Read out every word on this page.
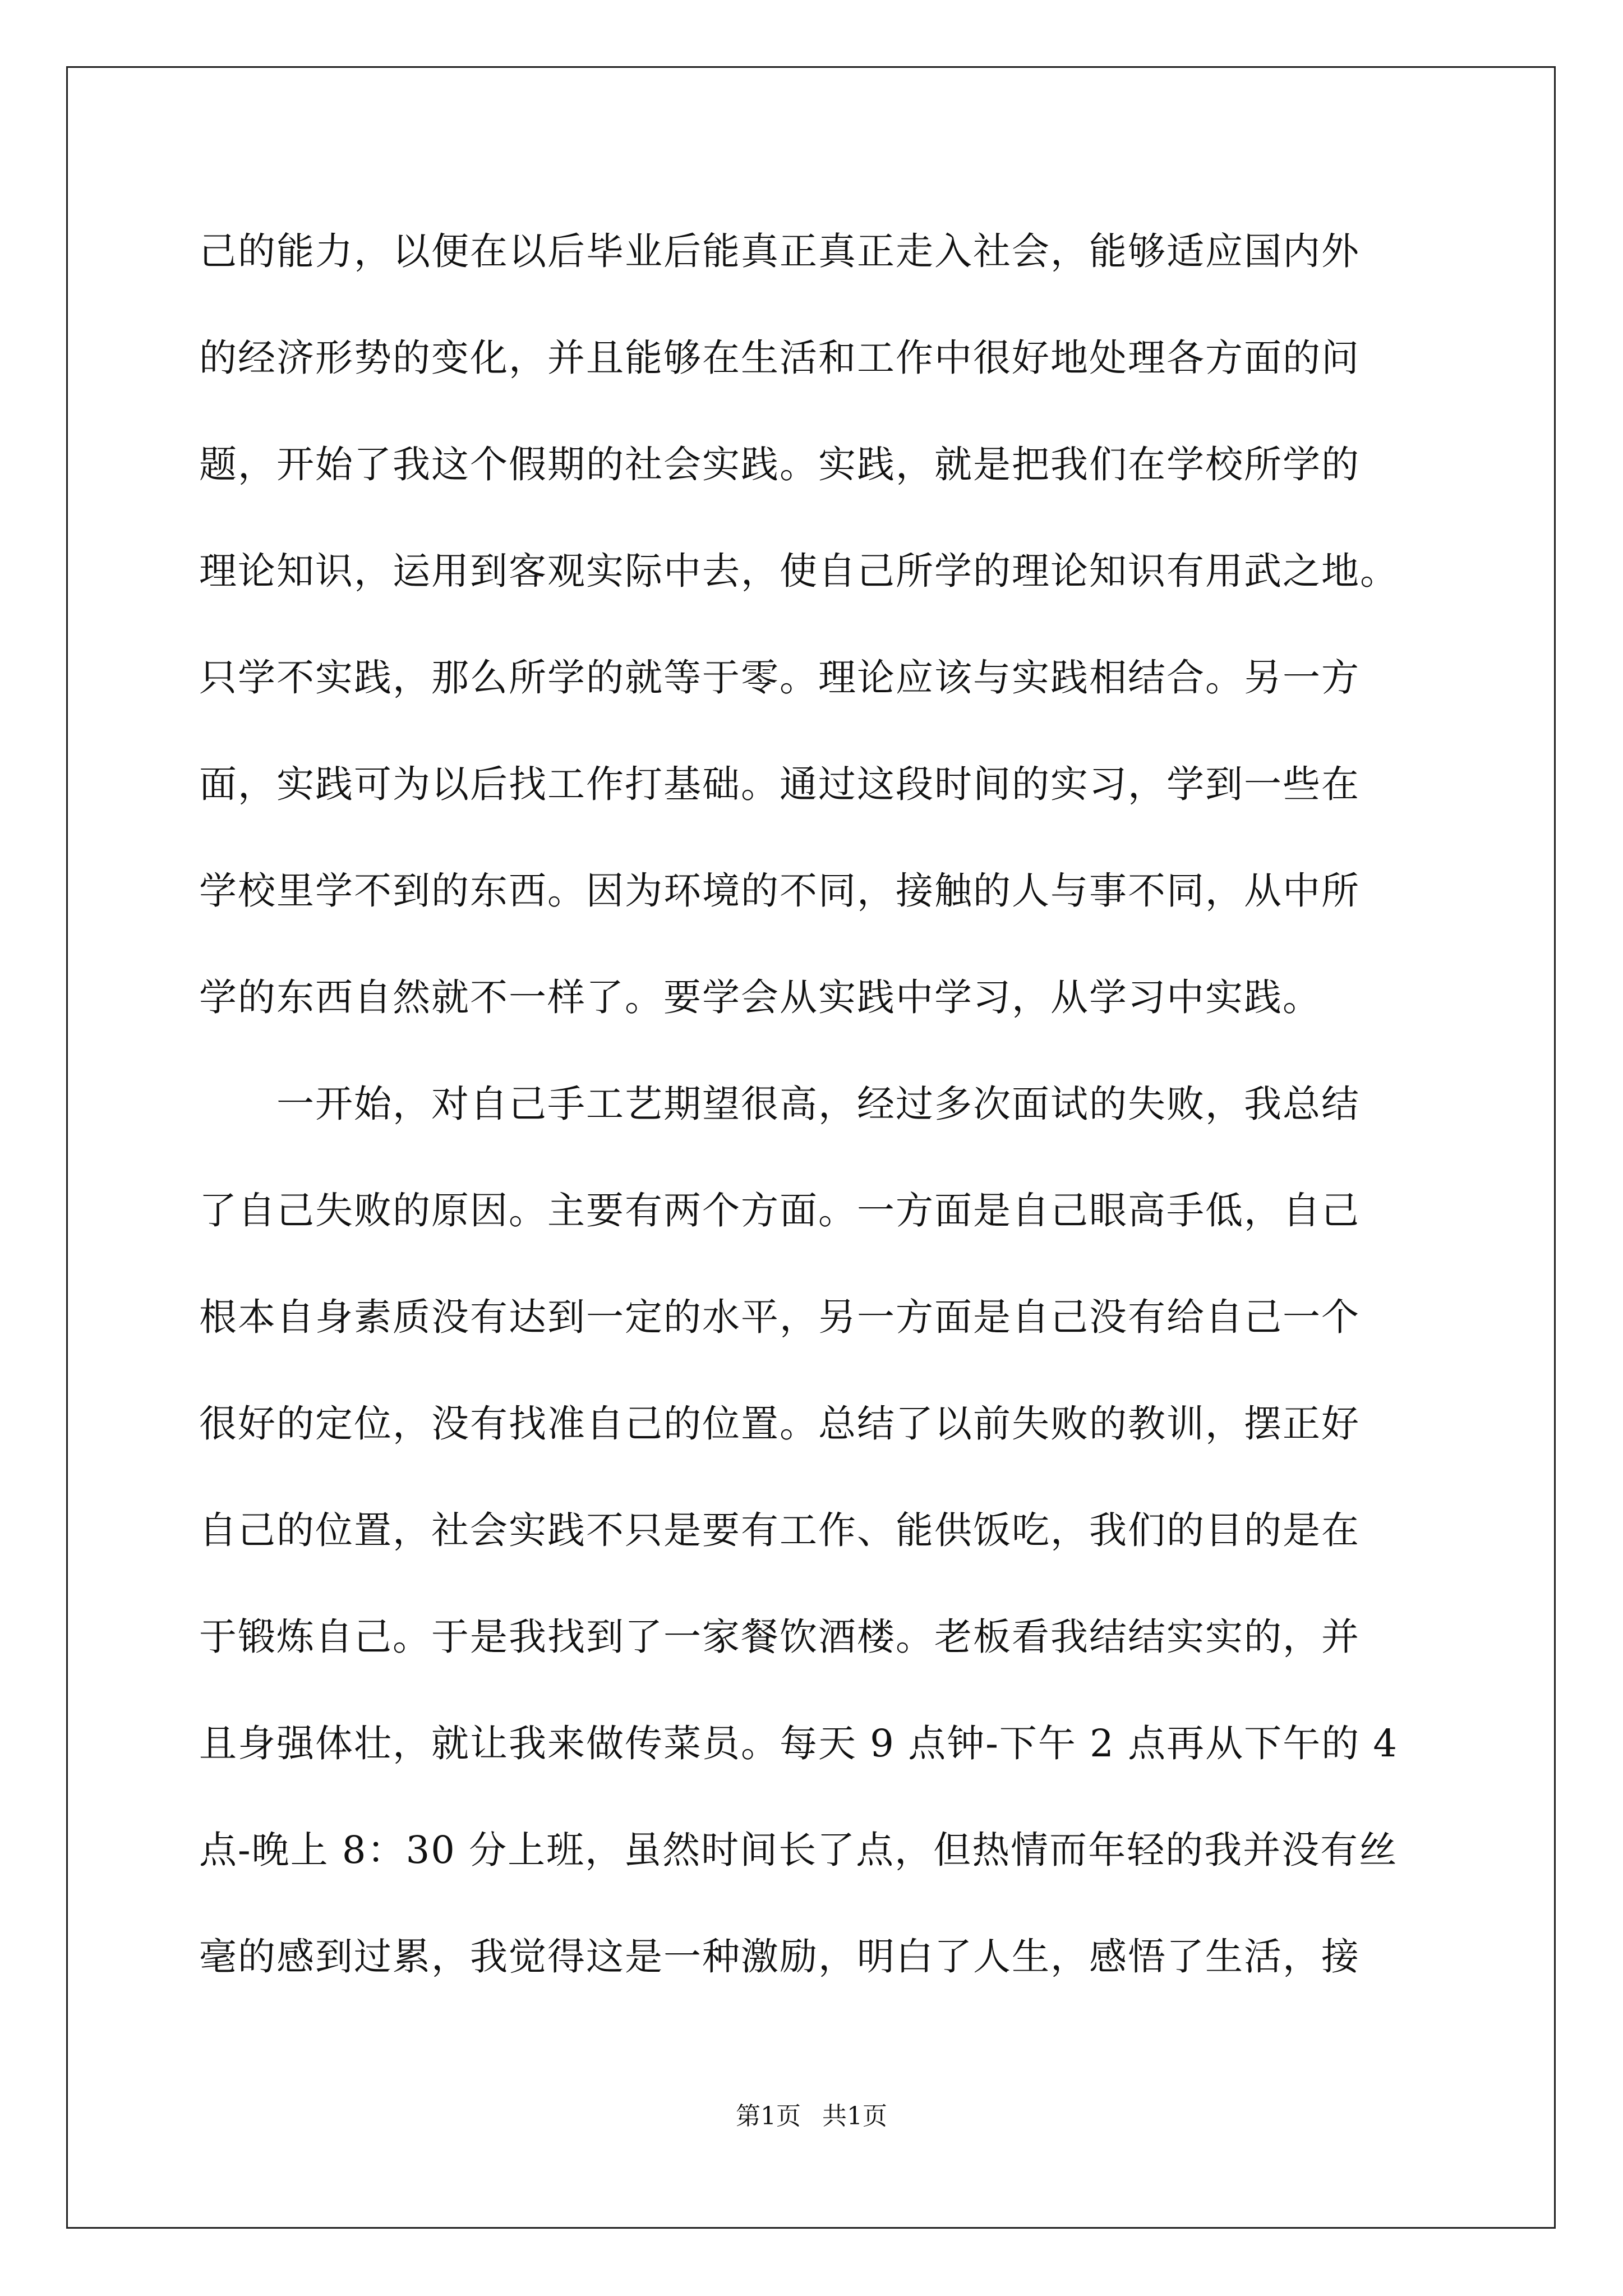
己的能力，以便在以后毕业后能真正真正走入社会，能够适应国内外
的经济形势的变化，并且能够在生活和工作中很好地处理各方面的问
题，开始了我这个假期的社会实践。实践，就是把我们在学校所学的
理论知识，运用到客观实际中去，使自己所学的理论知识有用武之地。
只学不实践，那么所学的就等于零。理论应该与实践相结合。另一方
面，实践可为以后找工作打基础。通过这段时间的实习，学到一些在
学校里学不到的东西。因为环境的不同，接触的人与事不同，从中所
学的东西自然就不一样了。要学会从实践中学习，从学习中实践。
　　一开始，对自己手工艺期望很高，经过多次面试的失败，我总结
了自己失败的原因。主要有两个方面。一方面是自己眼高手低，自己
根本自身素质没有达到一定的水平，另一方面是自己没有给自己一个
很好的定位，没有找准自己的位置。总结了以前失败的教训，摆正好
自己的位置，社会实践不只是要有工作、能供饭吃，我们的目的是在
于锻炼自己。于是我找到了一家餐饮酒楼。老板看我结结实实的，并
且身强体壮，就让我来做传菜员。每天 9 点钟-下午 2 点再从下午的 4
点-晚上 8：30 分上班，虽然时间长了点，但热情而年轻的我并没有丝
毫的感到过累，我觉得这是一种激励，明白了人生，感悟了生活，接
第1页 共1页
